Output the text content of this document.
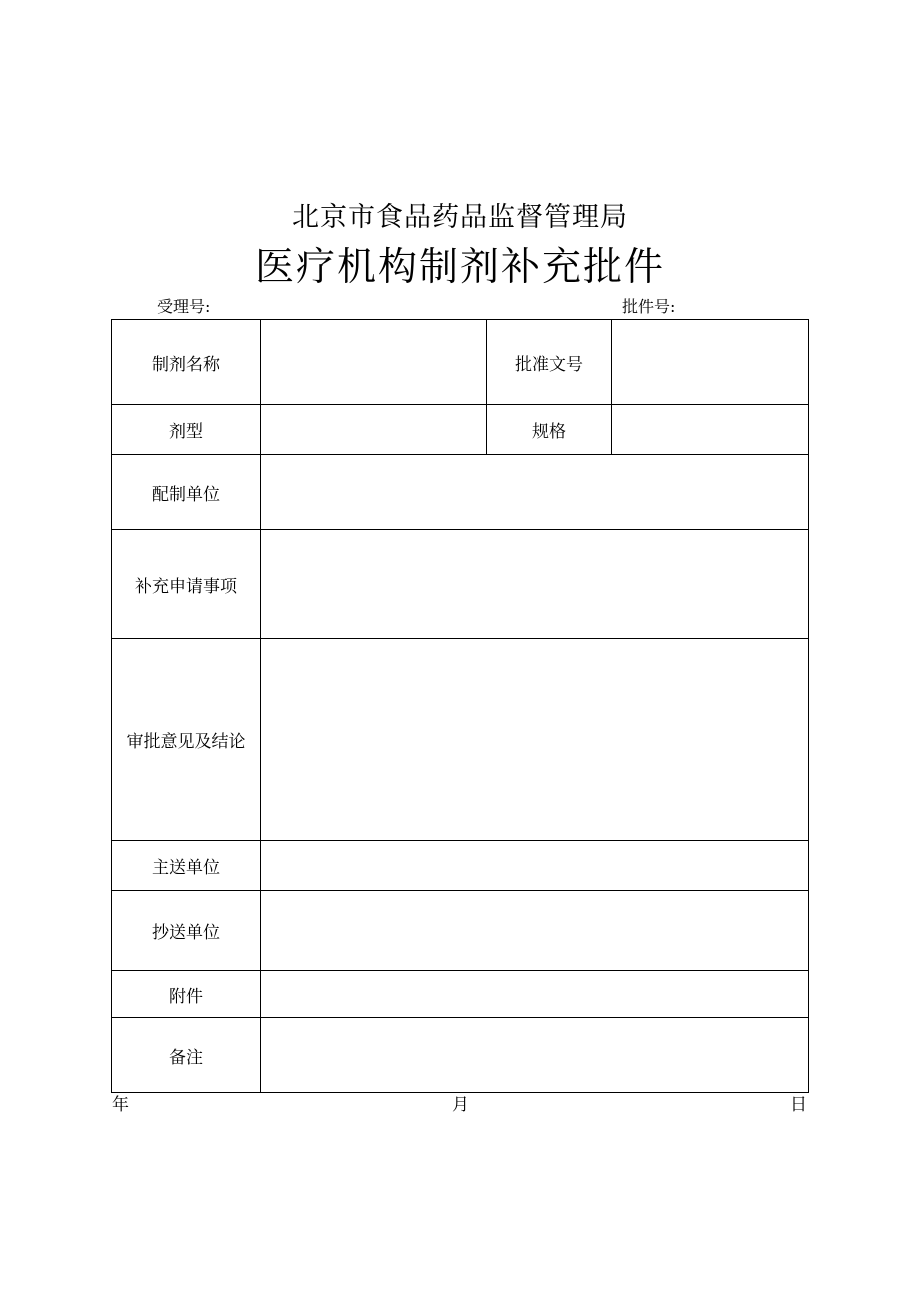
北京市食品药品监督管理局
医疗机构制剂补充批件
受理号:	批件号:
制剂名称		批准文号	
剂型		规格	
配制单位			
补充申请事项			
审批意见及结论			
主送单位			
抄送单位			
附件			
备注			
年	月	日
